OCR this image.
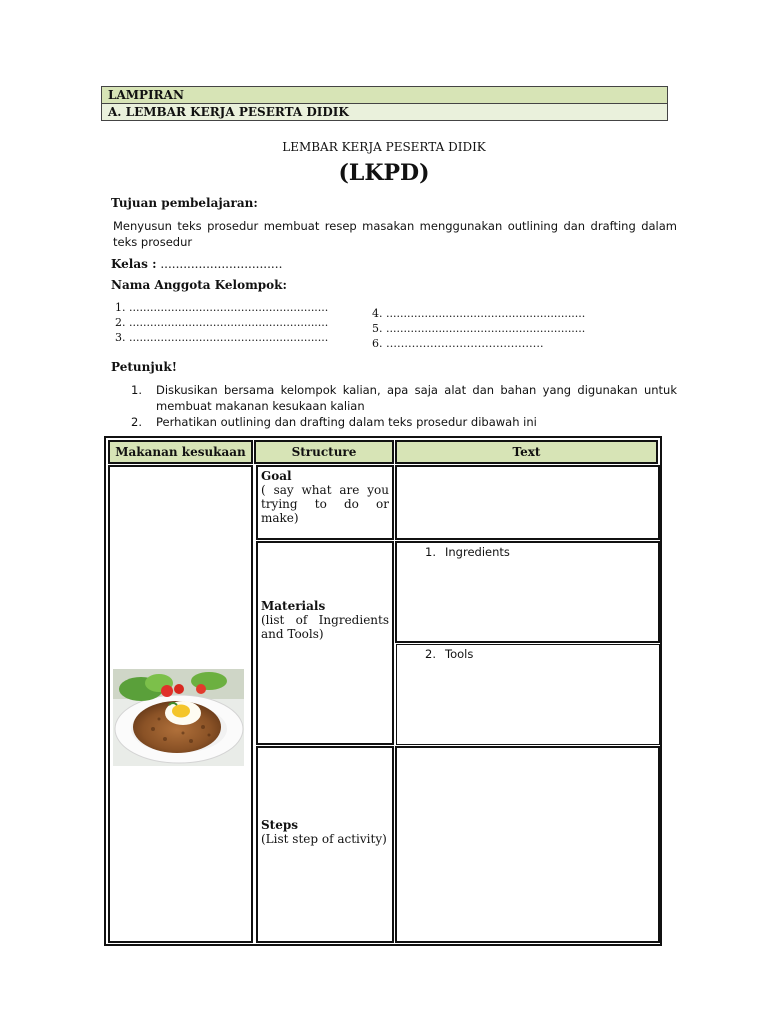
LAMPIRAN
A. LEMBAR KERJA PESERTA DIDIK
LEMBAR KERJA PESERTA DIDIK
(LKPD)
Tujuan pembelajaran:
Menyusun teks prosedur membuat resep masakan menggunakan outlining dan drafting dalam teks prosedur
Kelas : ................................
Nama Anggota Kelompok:
1. .........................................................
2. .........................................................
3. .........................................................
4. .........................................................
5. .........................................................
6. …………………………………….
Petunjuk!
1. Diskusikan bersama kelompok kalian, apa saja alat dan bahan yang digunakan untuk membuat makanan kesukaan kalian
2. Perhatikan outlining dan drafting dalam teks prosedur dibawah ini
Makanan kesukaan	Structure	Text
Goal
( say what are you trying to do or make)
Materials
(list of Ingredients and Tools)
Steps
(List step of activity)
1. Ingredients
2. Tools
